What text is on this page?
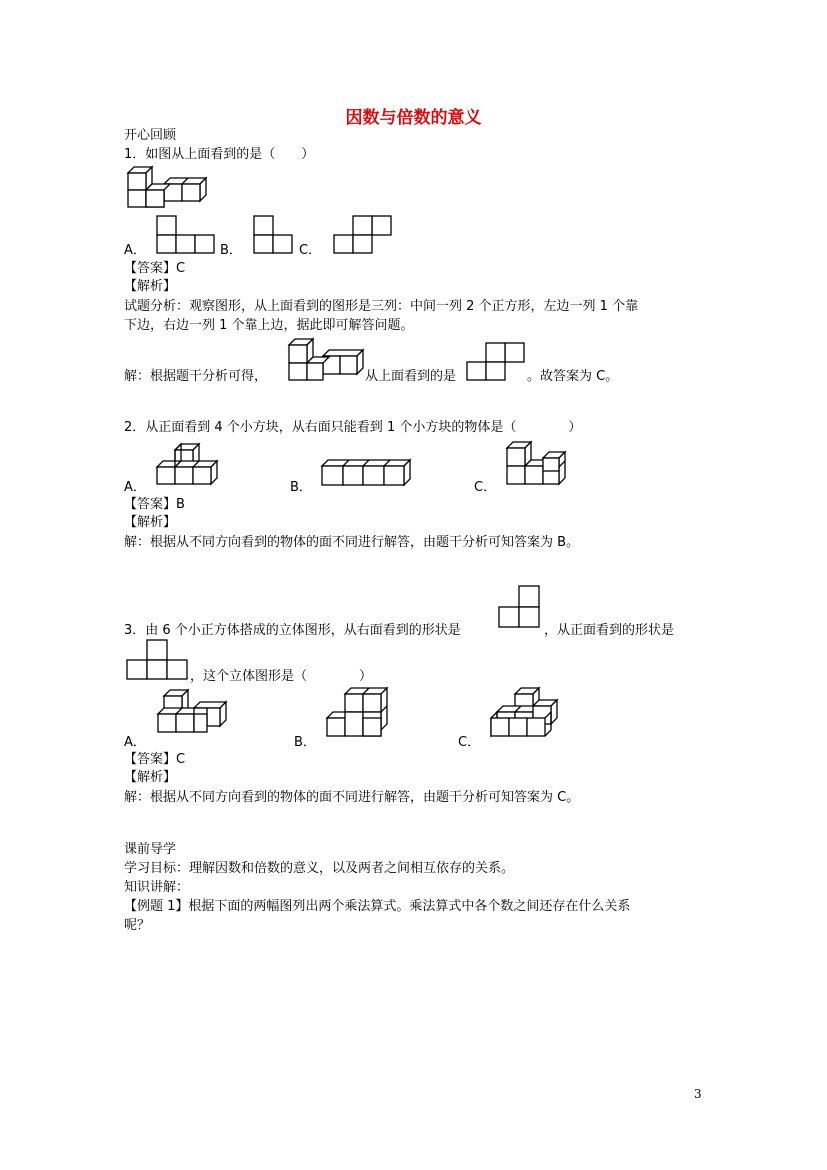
因数与倍数的意义
开心回顾
1．如图从上面看到的是（　　）
A．	B．	C．
【答案】C
【解析】
试题分析：观察图形，从上面看到的图形是三列：中间一列 2 个正方形，左边一列 1 个靠
下边，右边一列 1 个靠上边，据此即可解答问题。
解：根据题干分析可得，	从上面看到的是	。故答案为 C。
2．从正面看到 4 个小方块，从右面只能看到 1 个小方块的物体是（　　　　）
A．	B．	C．
【答案】B
【解析】
解：根据从不同方向看到的物体的面不同进行解答，由题干分析可知答案为 B。
3．由 6 个小正方体搭成的立体图形，从右面看到的形状是	，从正面看到的形状是
，这个立体图形是（　　　　）
A．	B．	C．
【答案】C
【解析】
解：根据从不同方向看到的物体的面不同进行解答，由题干分析可知答案为 C。
课前导学
学习目标：理解因数和倍数的意义，以及两者之间相互依存的关系。
知识讲解：
【例题 1】根据下面的两幅图列出两个乘法算式。乘法算式中各个数之间还存在什么关系
呢？
3
